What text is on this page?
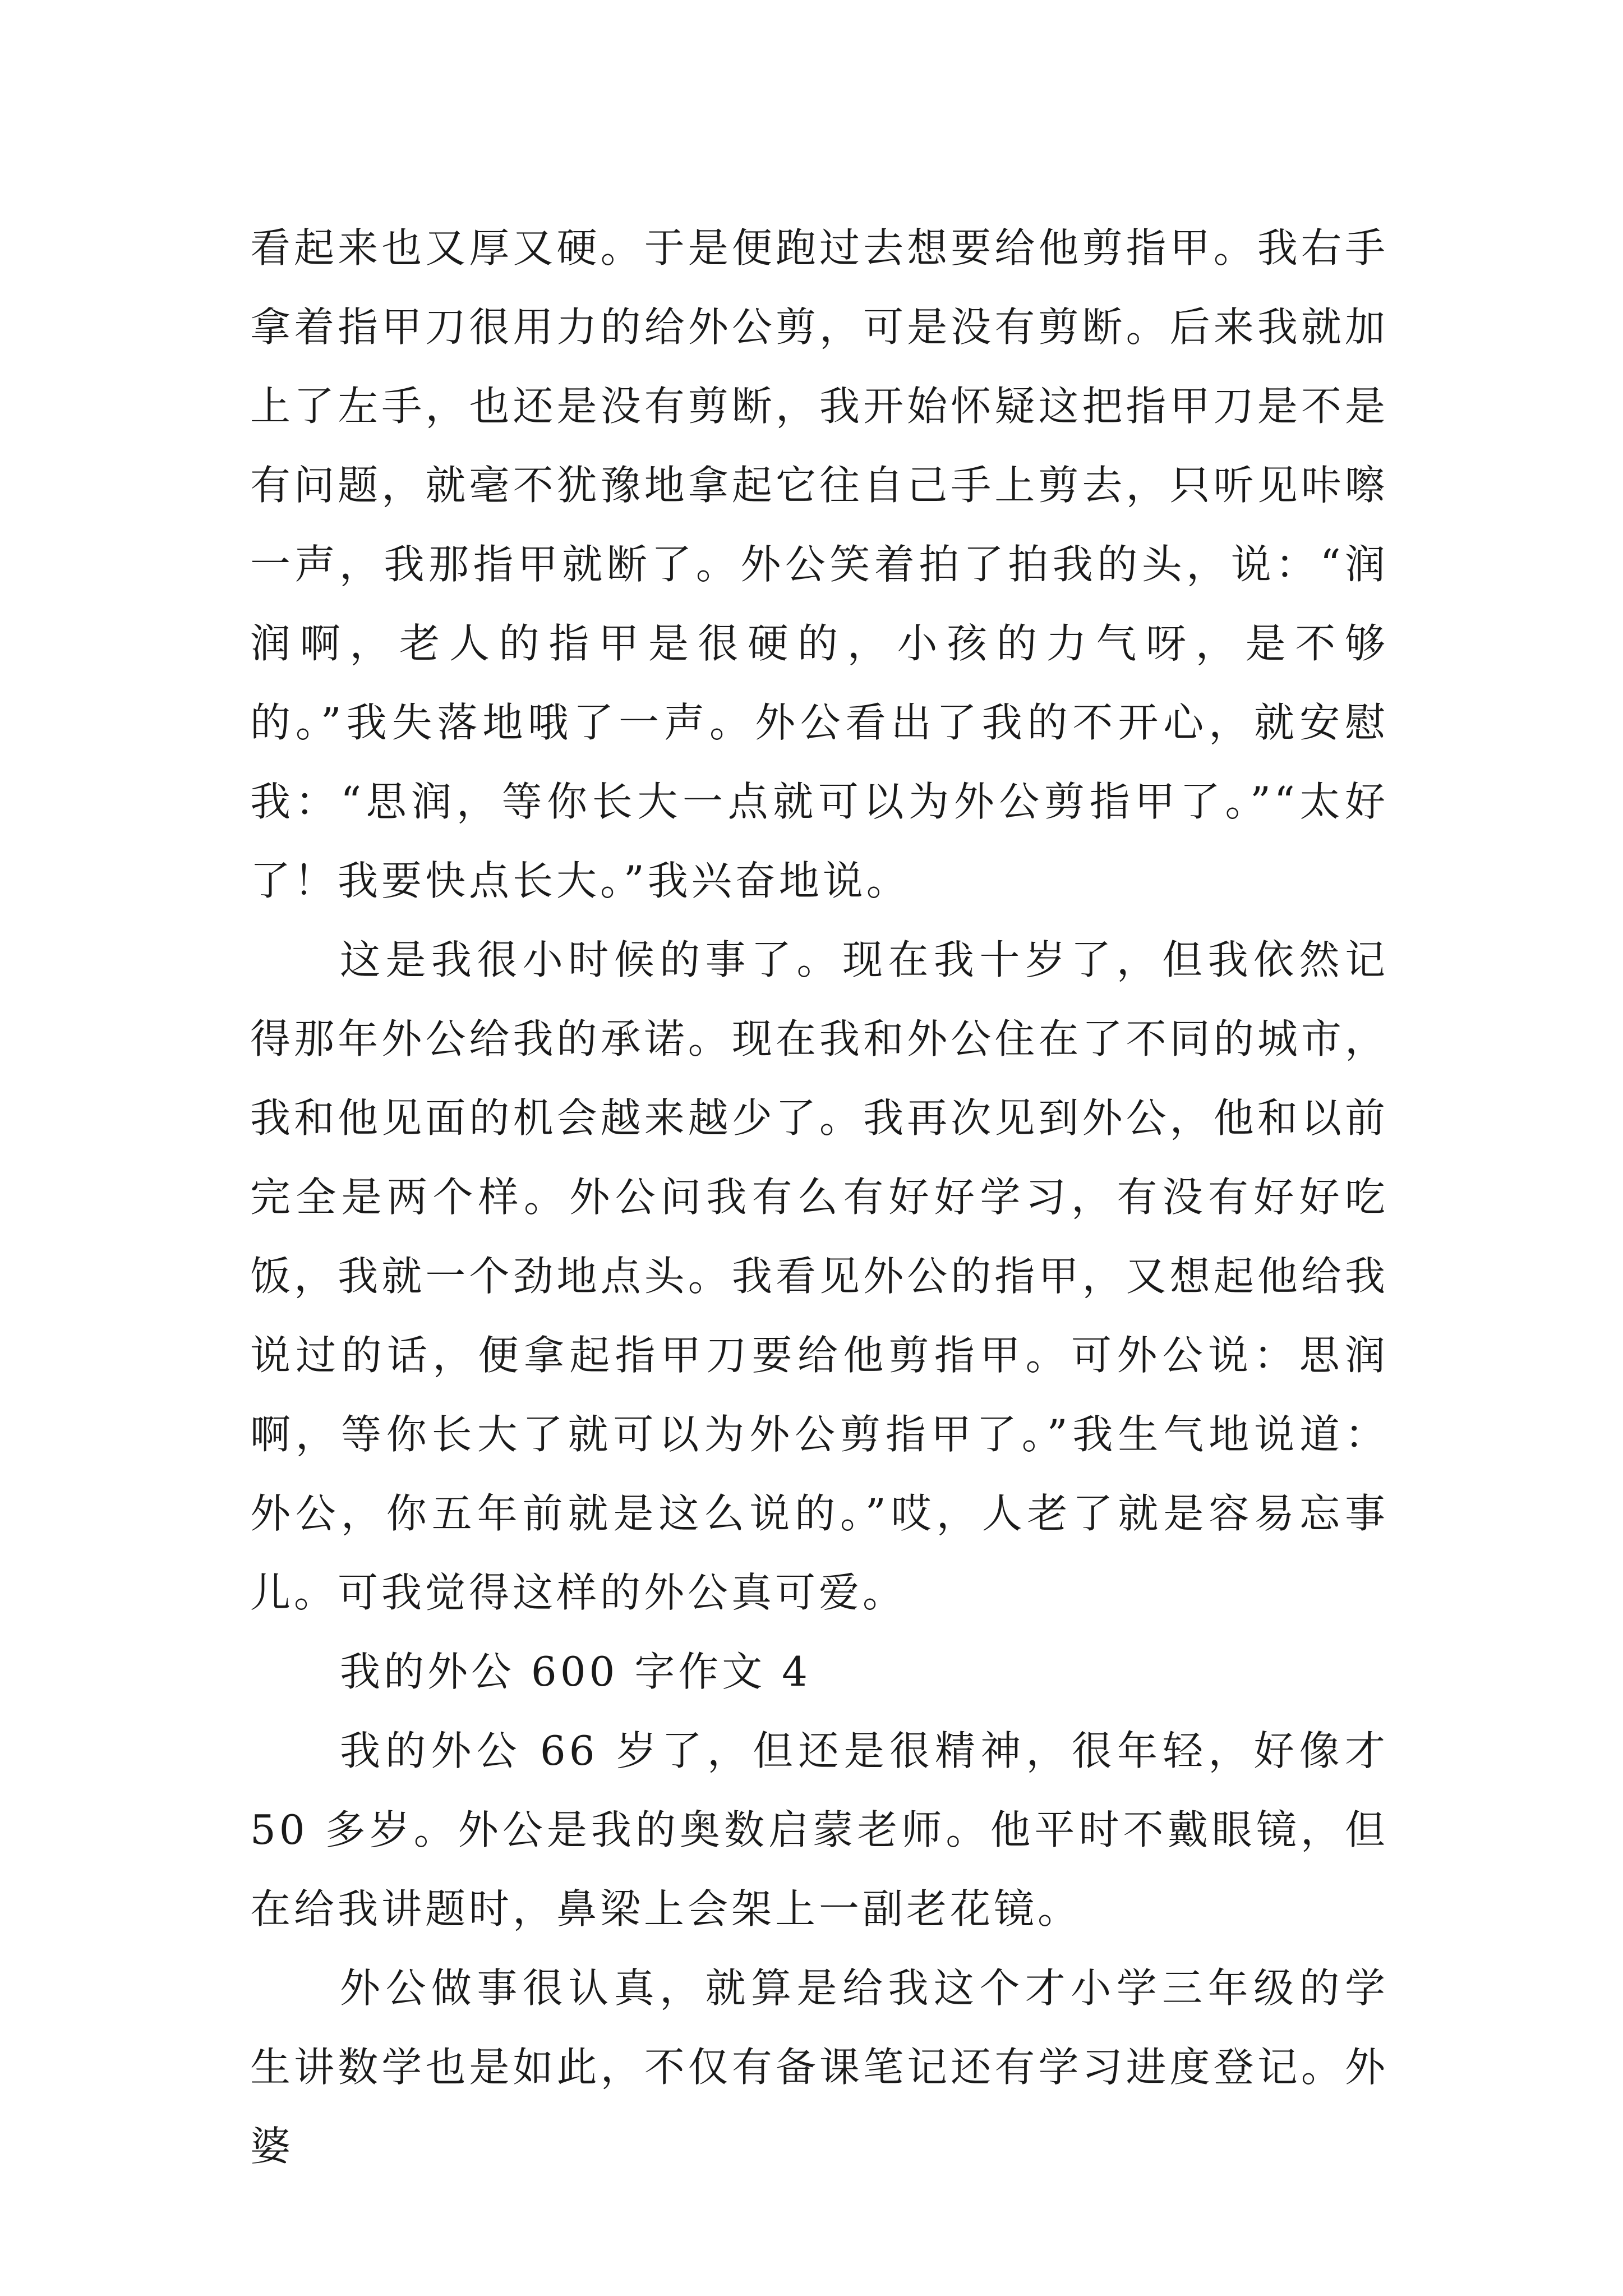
看起来也又厚又硬。于是便跑过去想要给他剪指甲。我右手拿着指甲刀很用力的给外公剪，可是没有剪断。后来我就加上了左手，也还是没有剪断，我开始怀疑这把指甲刀是不是有问题，就毫不犹豫地拿起它往自己手上剪去，只听见咔嚓一声，我那指甲就断了。外公笑着拍了拍我的头，说：“润润啊，老人的指甲是很硬的，小孩的力气呀，是不够的。”我失落地哦了一声。外公看出了我的不开心，就安慰我：“思润，等你长大一点就可以为外公剪指甲了。”“太好了！我要快点长大。”我兴奋地说。

这是我很小时候的事了。现在我十岁了，但我依然记得那年外公给我的承诺。现在我和外公住在了不同的城市，我和他见面的机会越来越少了。我再次见到外公，他和以前完全是两个样。外公问我有么有好好学习，有没有好好吃饭，我就一个劲地点头。我看见外公的指甲，又想起他给我说过的话，便拿起指甲刀要给他剪指甲。可外公说：思润啊，等你长大了就可以为外公剪指甲了。”我生气地说道：外公，你五年前就是这么说的。”哎，人老了就是容易忘事儿。可我觉得这样的外公真可爱。

我的外公 600 字作文 4

我的外公 66 岁了，但还是很精神，很年轻，好像才 50 多岁。外公是我的奥数启蒙老师。他平时不戴眼镜，但在给我讲题时，鼻梁上会架上一副老花镜。

外公做事很认真，就算是给我这个才小学三年级的学生讲数学也是如此，不仅有备课笔记还有学习进度登记。外婆
